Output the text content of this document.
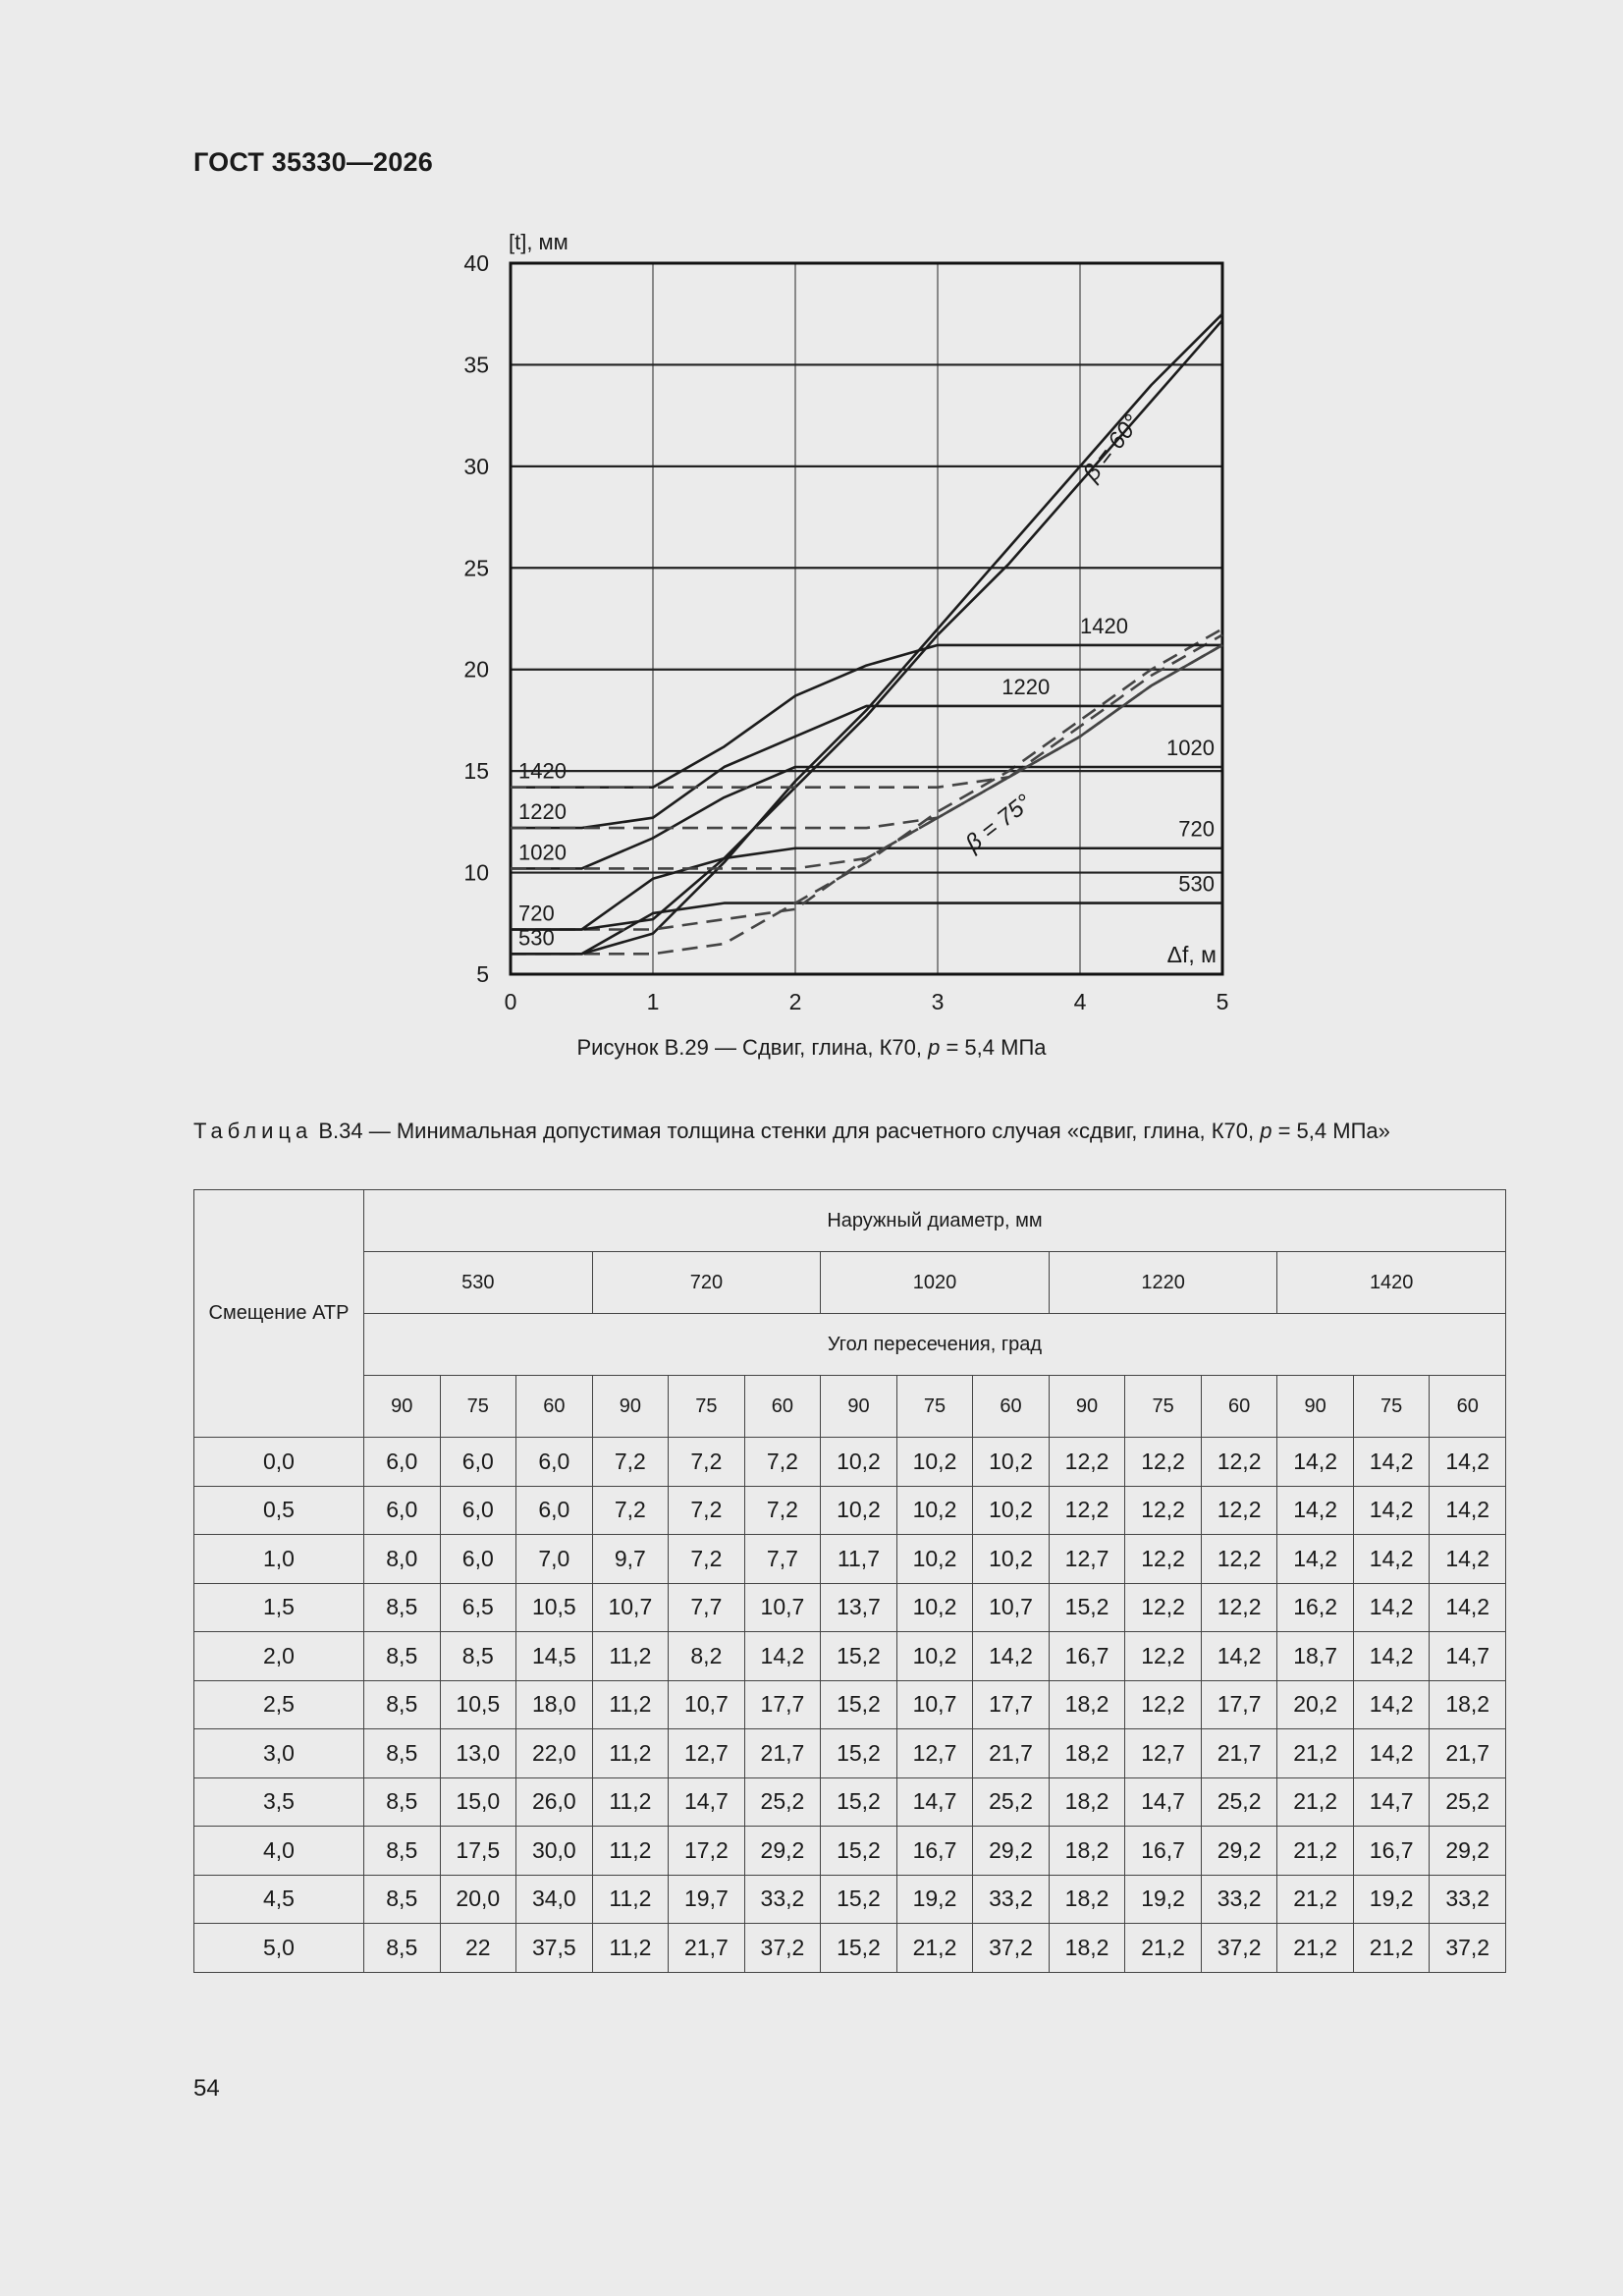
ГОСТ 35330—2026
0	1	2	3	4	5
5
10
15
20
25
30
35
40
[t], мм
Δf, м
1420
1220
1020
720
530
1420
1220
1020
720
530
β = 60°
β = 75°
Рисунок В.29 — Сдвиг, глина, К70, p = 5,4 МПа
Таблица В.34 — Минимальная допустимая толщина стенки для расчетного случая «сдвиг, глина, К70, p = 5,4 МПа»
Смещение АТР	Наружный диаметр, мм														
	530			720			1020			1220			1420		
	Угол пересечения, град														
	90	75	60	90	75	60	90	75	60	90	75	60	90	75	60
0,0	6,0	6,0	6,0	7,2	7,2	7,2	10,2	10,2	10,2	12,2	12,2	12,2	14,2	14,2	14,2
0,5	6,0	6,0	6,0	7,2	7,2	7,2	10,2	10,2	10,2	12,2	12,2	12,2	14,2	14,2	14,2
1,0	8,0	6,0	7,0	9,7	7,2	7,7	11,7	10,2	10,2	12,7	12,2	12,2	14,2	14,2	14,2
1,5	8,5	6,5	10,5	10,7	7,7	10,7	13,7	10,2	10,7	15,2	12,2	12,2	16,2	14,2	14,2
2,0	8,5	8,5	14,5	11,2	8,2	14,2	15,2	10,2	14,2	16,7	12,2	14,2	18,7	14,2	14,7
2,5	8,5	10,5	18,0	11,2	10,7	17,7	15,2	10,7	17,7	18,2	12,2	17,7	20,2	14,2	18,2
3,0	8,5	13,0	22,0	11,2	12,7	21,7	15,2	12,7	21,7	18,2	12,7	21,7	21,2	14,2	21,7
3,5	8,5	15,0	26,0	11,2	14,7	25,2	15,2	14,7	25,2	18,2	14,7	25,2	21,2	14,7	25,2
4,0	8,5	17,5	30,0	11,2	17,2	29,2	15,2	16,7	29,2	18,2	16,7	29,2	21,2	16,7	29,2
4,5	8,5	20,0	34,0	11,2	19,7	33,2	15,2	19,2	33,2	18,2	19,2	33,2	21,2	19,2	33,2
5,0	8,5	22	37,5	11,2	21,7	37,2	15,2	21,2	37,2	18,2	21,2	37,2	21,2	21,2	37,2
54
